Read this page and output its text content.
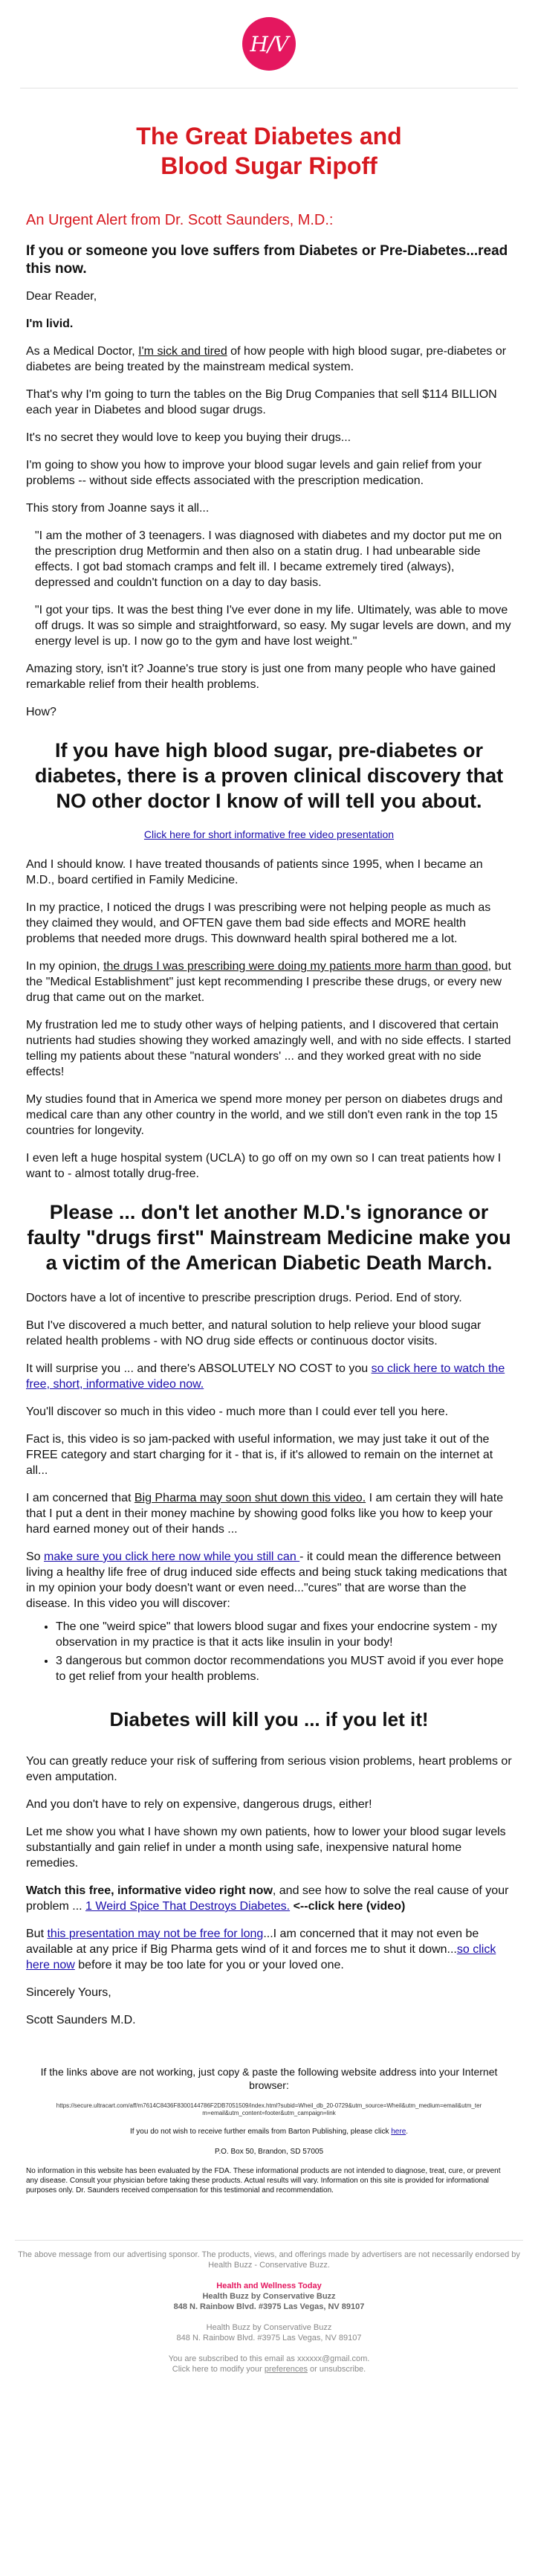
H/V
The Great Diabetes and
Blood Sugar Ripoff
An Urgent Alert from Dr. Scott Saunders, M.D.:
If you or someone you love suffers from Diabetes or Pre-Diabetes...read this now.

Dear Reader,

I'm livid.

As a Medical Doctor, I'm sick and tired of how people with high blood sugar, pre-diabetes or diabetes are being treated by the mainstream medical system.

That's why I'm going to turn the tables on the Big Drug Companies that sell $114 BILLION each year in Diabetes and blood sugar drugs.

It's no secret they would love to keep you buying their drugs...

I'm going to show you how to improve your blood sugar levels and gain relief from your problems -- without side effects associated with the prescription medication.

This story from Joanne says it all...

"I am the mother of 3 teenagers. I was diagnosed with diabetes and my doctor put me on the prescription drug Metformin and then also on a statin drug. I had unbearable side effects. I got bad stomach cramps and felt ill. I became extremely tired (always), depressed and couldn't function on a day to day basis.

"I got your tips. It was the best thing I've ever done in my life. Ultimately, was able to move off drugs. It was so simple and straightforward, so easy. My sugar levels are down, and my energy level is up. I now go to the gym and have lost weight."

Amazing story, isn't it? Joanne's true story is just one from many people who have gained remarkable relief from their health problems.

How?

If you have high blood sugar, pre-diabetes or diabetes, there is a proven clinical discovery that NO other doctor I know of will tell you about.
Click here for short informative free video presentation

And I should know. I have treated thousands of patients since 1995, when I became an M.D., board certified in Family Medicine.

In my practice, I noticed the drugs I was prescribing were not helping people as much as they claimed they would, and OFTEN gave them bad side effects and MORE health problems that needed more drugs. This downward health spiral bothered me a lot.

In my opinion, the drugs I was prescribing were doing my patients more harm than good, but the "Medical Establishment" just kept recommending I prescribe these drugs, or every new drug that came out on the market.

My frustration led me to study other ways of helping patients, and I discovered that certain nutrients had studies showing they worked amazingly well, and with no side effects. I started telling my patients about these "natural wonders' ... and they worked great with no side effects!

My studies found that in America we spend more money per person on diabetes drugs and medical care than any other country in the world, and we still don't even rank in the top 15 countries for longevity.

I even left a huge hospital system (UCLA) to go off on my own so I can treat patients how I want to - almost totally drug-free.

Please ... don't let another M.D.'s ignorance or faulty "drugs first" Mainstream Medicine make you a victim of the American Diabetic Death March.

Doctors have a lot of incentive to prescribe prescription drugs. Period. End of story.

But I've discovered a much better, and natural solution to help relieve your blood sugar related health problems - with NO drug side effects or continuous doctor visits.

It will surprise you ... and there's ABSOLUTELY NO COST to you so click here to watch the free, short, informative video now.

You'll discover so much in this video - much more than I could ever tell you here.

Fact is, this video is so jam-packed with useful information, we may just take it out of the FREE category and start charging for it - that is, if it's allowed to remain on the internet at all...

I am concerned that Big Pharma may soon shut down this video. I am certain they will hate that I put a dent in their money machine by showing good folks like you how to keep your hard earned money out of their hands ...

So make sure you click here now while you still can - it could mean the difference between living a healthy life free of drug induced side effects and being stuck taking medications that in my opinion your body doesn't want or even need..."cures" that are worse than the disease. In this video you will discover:

• The one "weird spice" that lowers blood sugar and fixes your endocrine system - my observation in my practice is that it acts like insulin in your body!
• 3 dangerous but common doctor recommendations you MUST avoid if you ever hope to get relief from your health problems.
Diabetes will kill you ... if you let it!

You can greatly reduce your risk of suffering from serious vision problems, heart problems or even amputation.

And you don't have to rely on expensive, dangerous drugs, either!

Let me show you what I have shown my own patients, how to lower your blood sugar levels substantially and gain relief in under a month using safe, inexpensive natural home remedies.

Watch this free, informative video right now, and see how to solve the real cause of your problem ... 1 Weird Spice That Destroys Diabetes. <--click here (video)

But this presentation may not be free for long...I am concerned that it may not even be available at any price if Big Pharma gets wind of it and forces me to shut it down...so click here now before it may be too late for you or your loved one.

Sincerely Yours,

Scott Saunders M.D.

If the links above are not working, just copy & paste the following website address into your Internet browser:
https://secure.ultracart.com/aff/m7614C8436F8300144786F2DB7051509/index.html?subid=Wheil_db_20-0729&utm_source=Wheil&utm_medium=email&utm_term=email&utm_content=footer&utm_campaign=link
If you do not wish to receive further emails from Barton Publishing, please click here.
P.O. Box 50, Brandon, SD 57005
No information in this website has been evaluated by the FDA. These informational products are not intended to diagnose, treat, cure, or prevent any disease. Consult your physician before taking these products. Actual results will vary. Information on this site is provided for informational purposes only. Dr. Saunders received compensation for this testimonial and recommendation.
The above message from our advertising sponsor. The products, views, and offerings made by advertisers are not necessarily endorsed by Health Buzz - Conservative Buzz.
Health and Wellness Today
Health Buzz by Conservative Buzz
848 N. Rainbow Blvd. #3975 Las Vegas, NV 89107
Health Buzz by Conservative Buzz
848 N. Rainbow Blvd. #3975 Las Vegas, NV 89107
You are subscribed to this email as xxxxxx@gmail.com.
Click here to modify your preferences or unsubscribe.
